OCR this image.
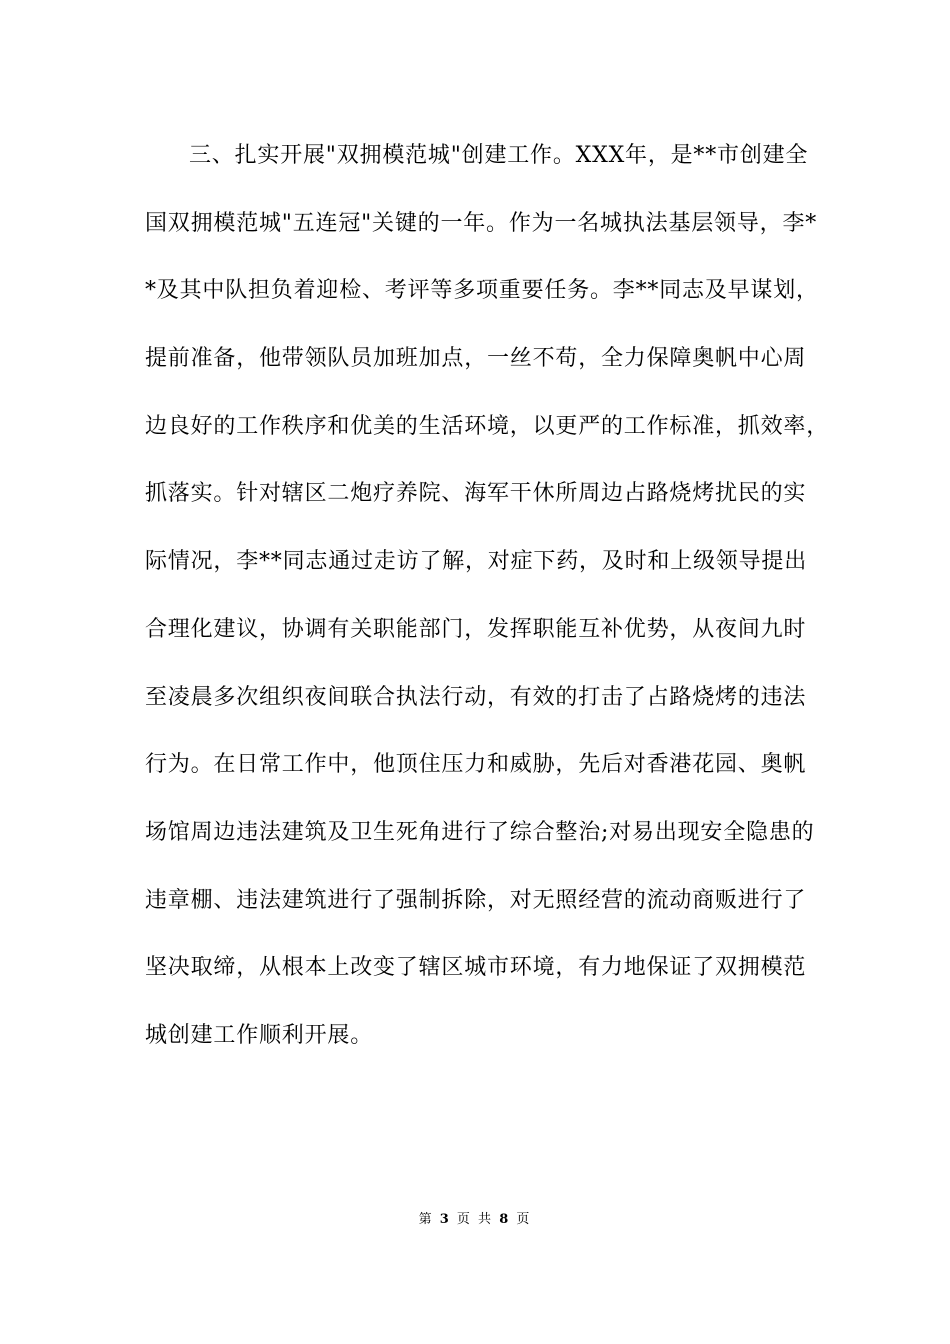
三、扎实开展"双拥模范城"创建工作。XXX年，是**市创建全
国双拥模范城"五连冠"关键的一年。作为一名城执法基层领导，李*
*及其中队担负着迎检、考评等多项重要任务。李**同志及早谋划，
提前准备，他带领队员加班加点，一丝不苟，全力保障奥帆中心周
边良好的工作秩序和优美的生活环境，以更严的工作标准，抓效率，
抓落实。针对辖区二炮疗养院、海军干休所周边占路烧烤扰民的实
际情况，李**同志通过走访了解，对症下药，及时和上级领导提出
合理化建议，协调有关职能部门，发挥职能互补优势，从夜间九时
至凌晨多次组织夜间联合执法行动，有效的打击了占路烧烤的违法
行为。在日常工作中，他顶住压力和威胁，先后对香港花园、奥帆
场馆周边违法建筑及卫生死角进行了综合整治;对易出现安全隐患的
违章棚、违法建筑进行了强制拆除，对无照经营的流动商贩进行了
坚决取缔，从根本上改变了辖区城市环境，有力地保证了双拥模范
城创建工作顺利开展。
第 3 页 共 8 页
